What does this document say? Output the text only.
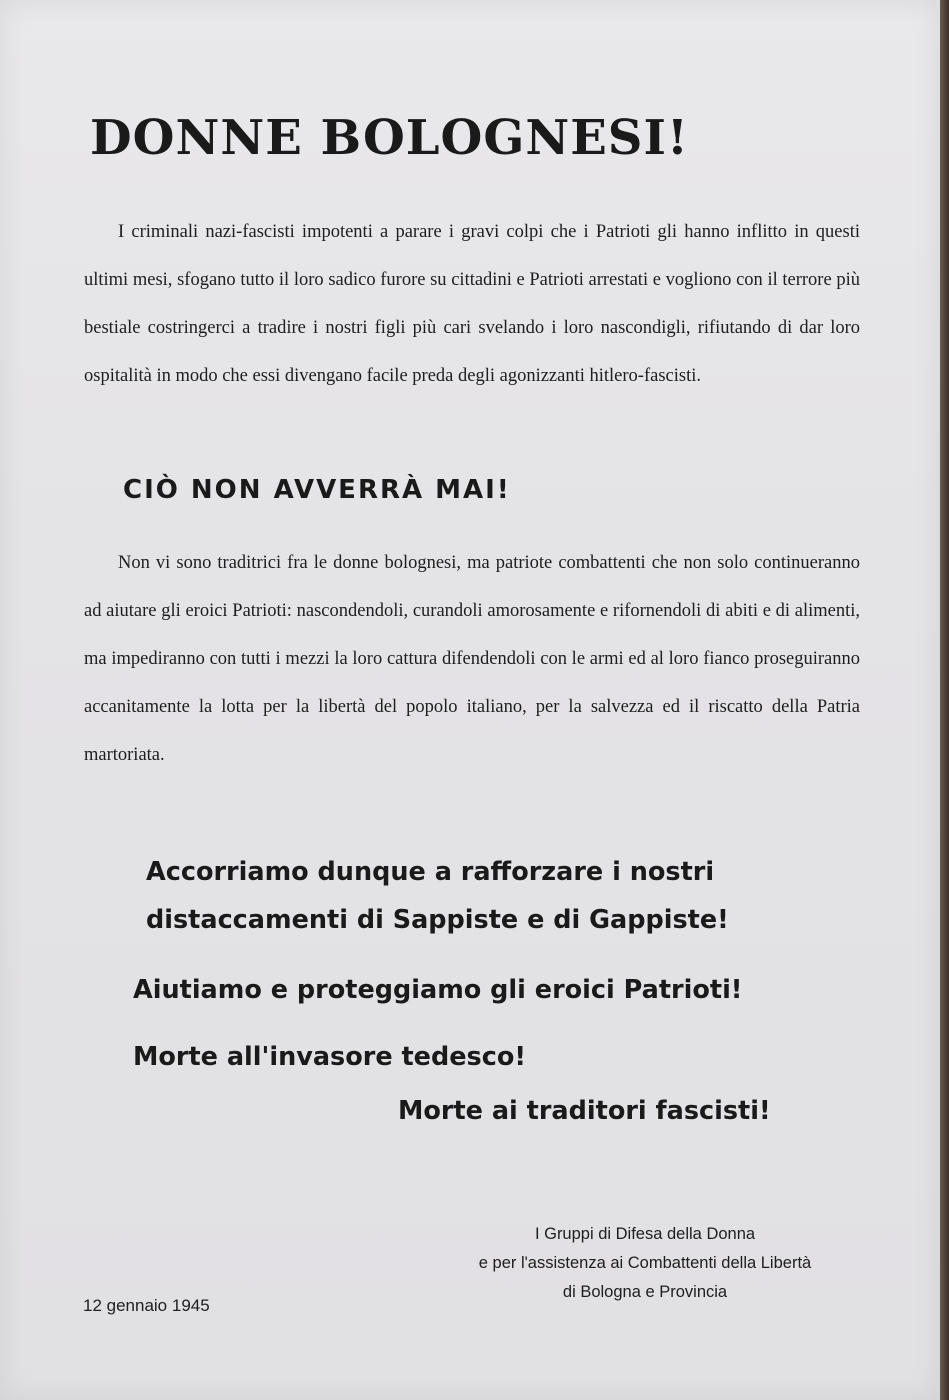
DONNE BOLOGNESI!

I criminali nazi-fascisti impotenti a parare i gravi colpi che i Patrioti gli hanno inflitto in questi ultimi mesi, sfogano tutto il loro sadico furore su cittadini e Patrioti arrestati e vogliono con il terrore più bestiale costringerci a tradire i nostri figli più cari svelando i loro nascondigli, rifiutando di dar loro ospitalità in modo che essi divengano facile preda degli agonizzanti hitlero-fascisti.

CIÒ NON AVVERRÀ MAI!

Non vi sono traditrici fra le donne bolognesi, ma patriote combattenti che non solo continueranno ad aiutare gli eroici Patrioti: nascondendoli, curandoli amorosamente e rifornendoli di abiti e di alimenti, ma impediranno con tutti i mezzi la loro cattura difendendoli con le armi ed al loro fianco proseguiranno accanitamente la lotta per la libertà del popolo italiano, per la salvezza ed il riscatto della Patria martoriata.

Accorriamo dunque a rafforzare i nostri

distaccamenti di Sappiste e di Gappiste!

Aiutiamo e proteggiamo gli eroici Patrioti!

Morte all'invasore tedesco!

Morte ai traditori fascisti!

I Gruppi di Difesa della Donna
e per l'assistenza ai Combattenti della Libertà
di Bologna e Provincia

12 gennaio 1945
